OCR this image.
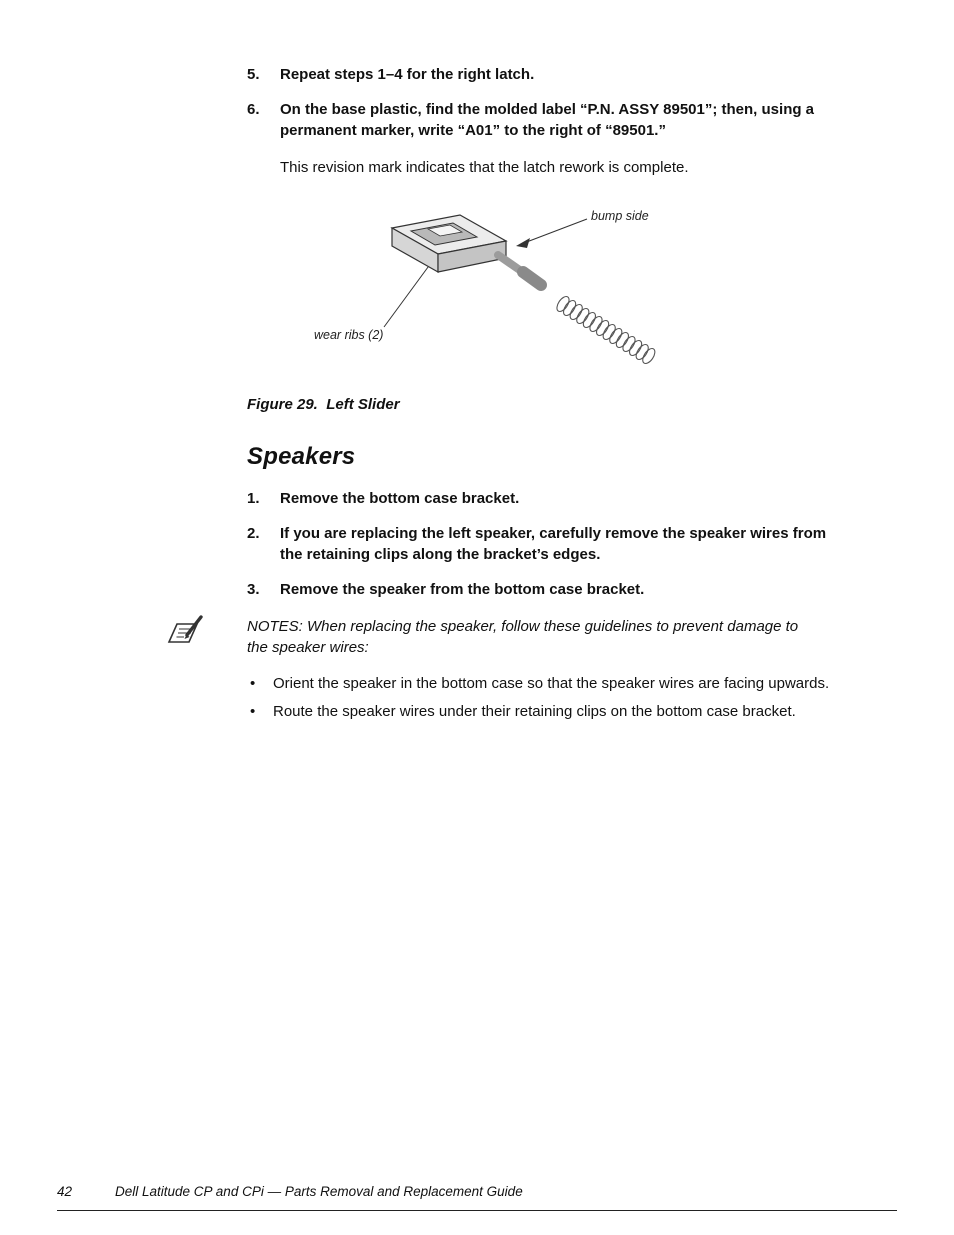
5.	Repeat steps 1–4 for the right latch.
6.	On the base plastic, find the molded label “P.N. ASSY 89501”; then, using a permanent marker, write “A01” to the right of “89501.”

This revision mark indicates that the latch rework is complete.

bump side
wear ribs (2)
Figure 29.  Left Slider
Speakers
1.	Remove the bottom case bracket.
2.	If you are replacing the left speaker, carefully remove the speaker wires from the retaining clips along the bracket’s edges.
3.	Remove the speaker from the bottom case bracket.
NOTES: When replacing the speaker, follow these guidelines to prevent damage to the speaker wires:
•
Orient the speaker in the bottom case so that the speaker wires are facing upwards.
•
Route the speaker wires under their retaining clips on the bottom case bracket.
42	Dell Latitude CP and CPi — Parts Removal and Replacement Guide
